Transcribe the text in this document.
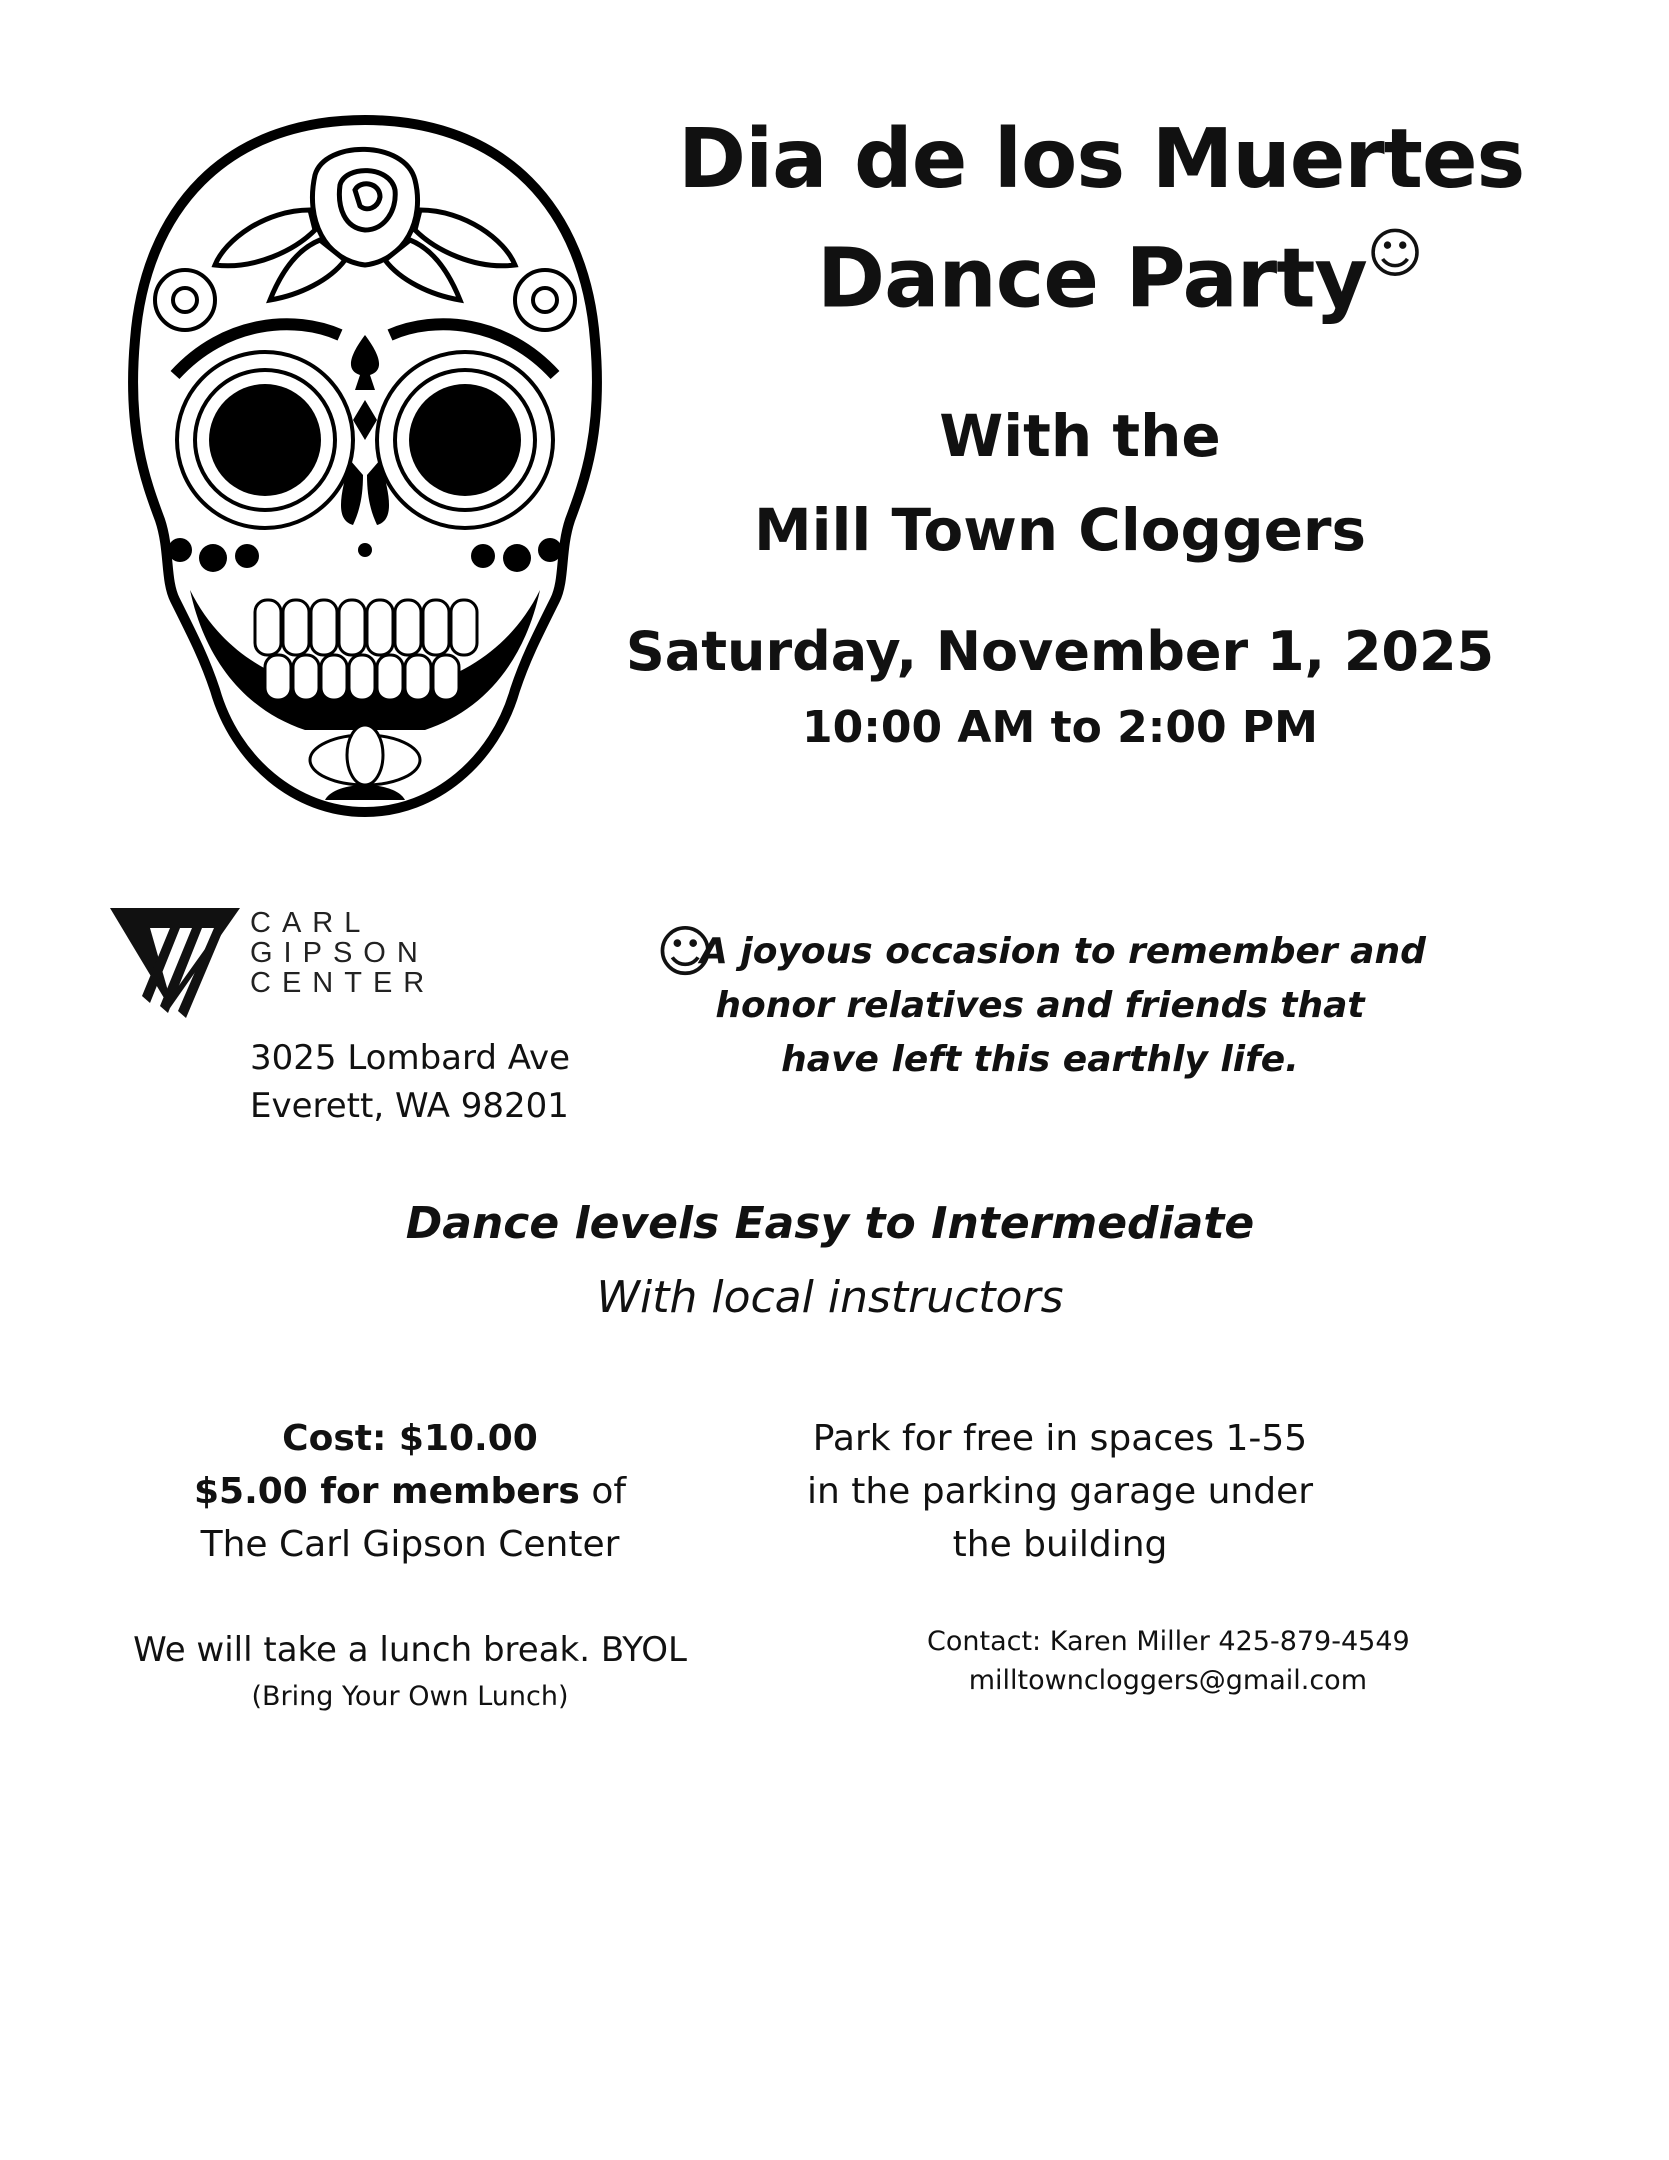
Dia de los Muertes
Dance Party☺
With the
Mill Town Cloggers
Saturday, November 1, 2025
10:00 AM to 2:00 PM
CARL
GIPSON
CENTER
3025 Lombard Ave
Everett, WA 98201
☺
A joyous occasion to remember and
honor relatives and friends that
have left this earthly life.
Dance levels Easy to Intermediate
With local instructors
Cost: $10.00
$5.00 for members of
The Carl Gipson Center
Park for free in spaces 1-55
in the parking garage under
the building
We will take a lunch break. BYOL
(Bring Your Own Lunch)
Contact: Karen Miller 425-879-4549
milltowncloggers@gmail.com
